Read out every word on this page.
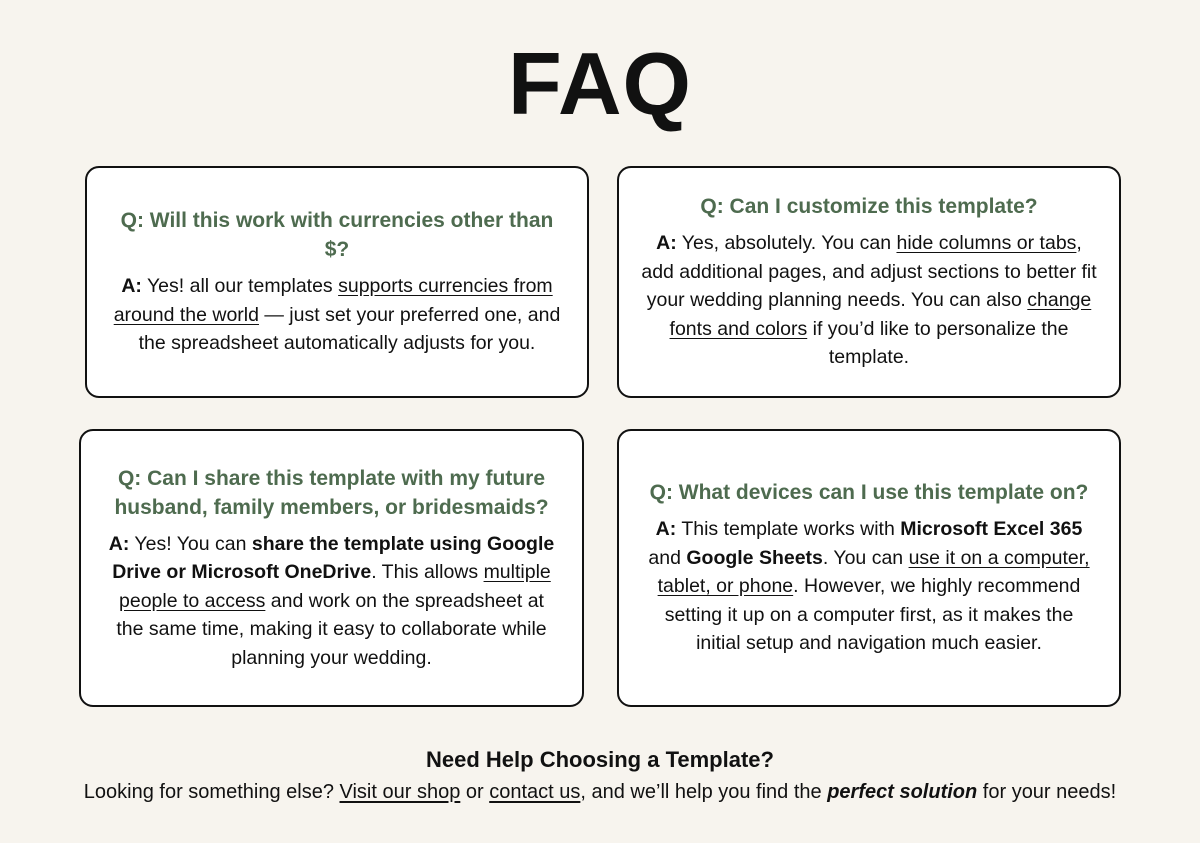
FAQ

Q: Will this work with currencies other than $?

A: Yes! all our templates supports currencies from around the world — just set your preferred one, and the spreadsheet automatically adjusts for you.

Q: Can I customize this template?

A: Yes, absolutely. You can hide columns or tabs, add additional pages, and adjust sections to better fit your wedding planning needs. You can also change fonts and colors if you’d like to personalize the template.

Q: Can I share this template with my future husband, family members, or bridesmaids?

A: Yes! You can share the template using Google Drive or Microsoft OneDrive. This allows multiple people to access and work on the spreadsheet at the same time, making it easy to collaborate while planning your wedding.

Q: What devices can I use this template on?

A: This template works with Microsoft Excel 365 and Google Sheets. You can use it on a computer, tablet, or phone. However, we highly recommend setting it up on a computer first, as it makes the initial setup and navigation much easier.

Need Help Choosing a Template?
Looking for something else? Visit our shop or contact us, and we’ll help you find the perfect solution for your needs!
